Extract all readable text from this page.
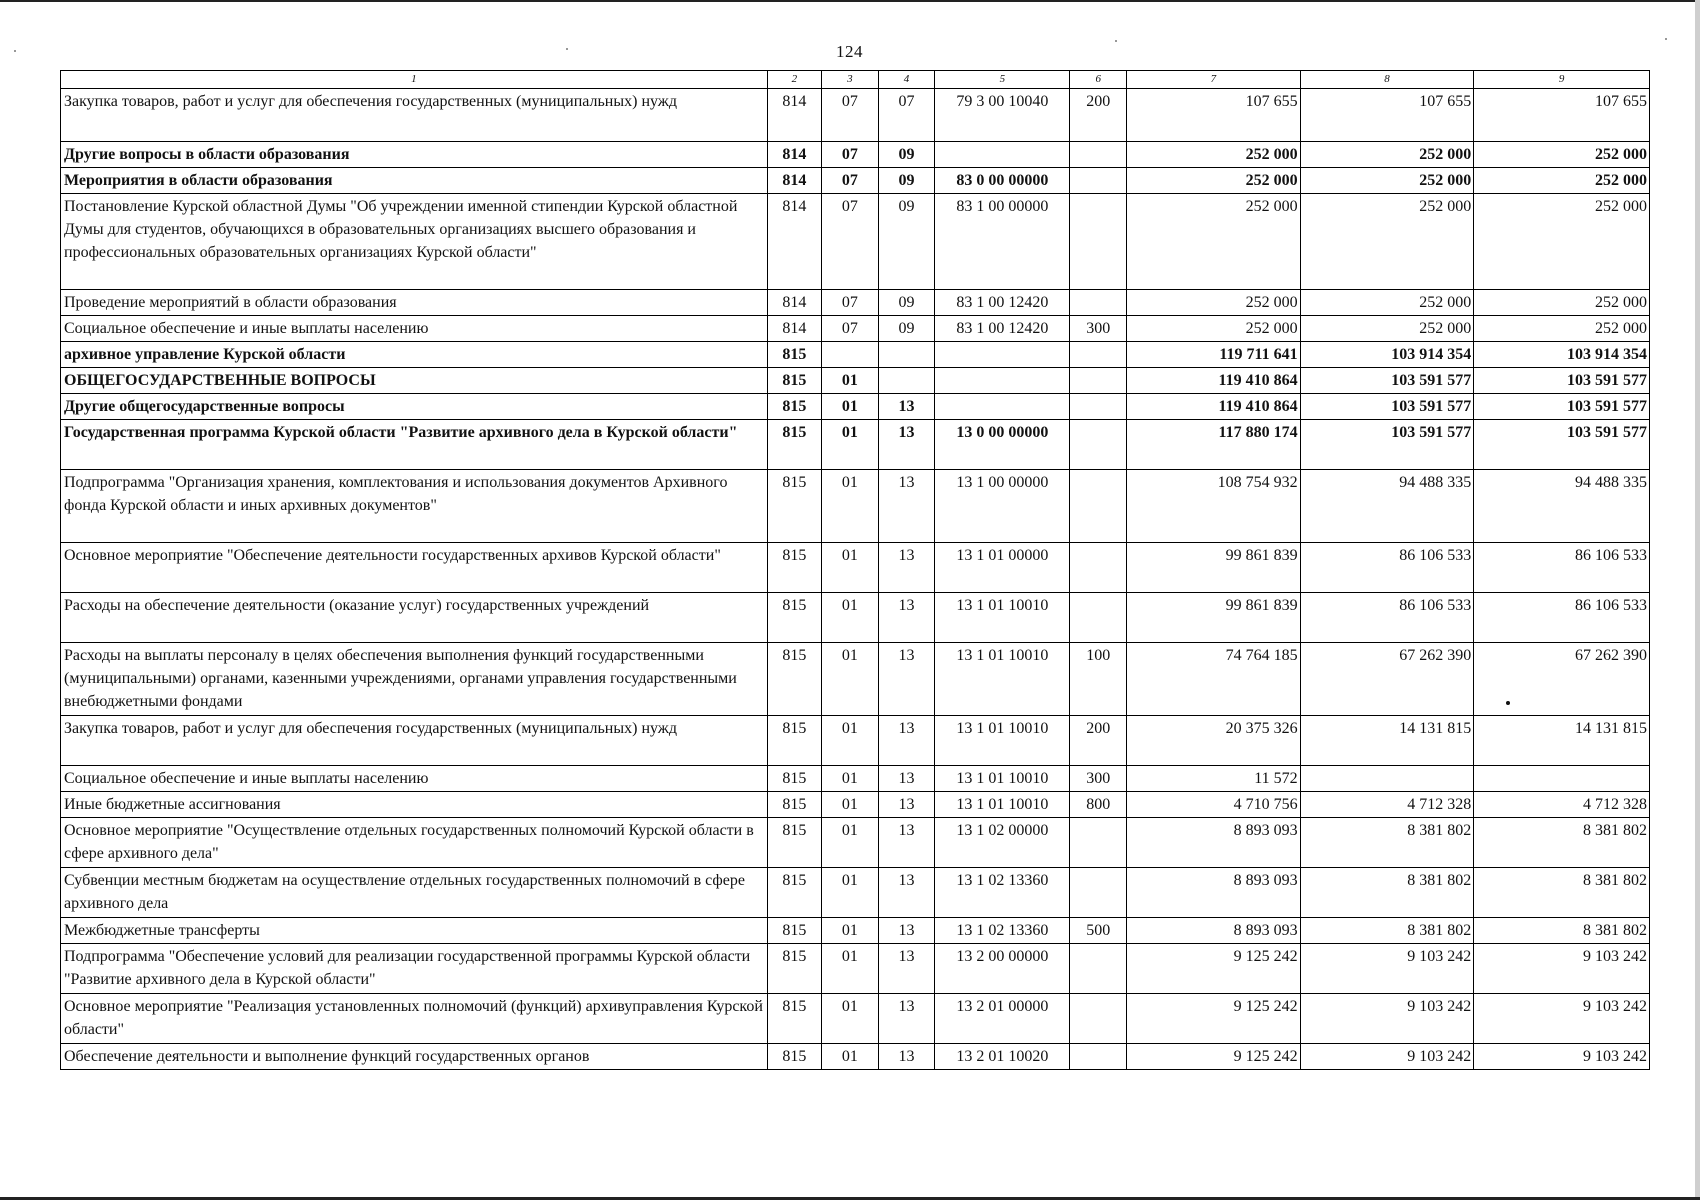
124
1	2	3	4	5	6	7	8	9
Закупка товаров, работ и услуг для обеспечения государственных (муниципальных) нужд	814	07	07	79 3 00 10040	200	107 655	107 655	107 655
Другие вопросы в области образования	814	07	09			252 000	252 000	252 000
Мероприятия в области образования	814	07	09	83 0 00 00000		252 000	252 000	252 000
Постановление Курской областной Думы "Об учреждении именной стипендии Курской областной Думы для студентов, обучающихся в образовательных организациях высшего образования и профессиональных образовательных организациях Курской области"	814	07	09	83 1 00 00000		252 000	252 000	252 000
Проведение мероприятий в области образования	814	07	09	83 1 00 12420		252 000	252 000	252 000
Социальное обеспечение и иные выплаты населению	814	07	09	83 1 00 12420	300	252 000	252 000	252 000
архивное управление Курской области	815					119 711 641	103 914 354	103 914 354
ОБЩЕГОСУДАРСТВЕННЫЕ ВОПРОСЫ	815	01				119 410 864	103 591 577	103 591 577
Другие общегосударственные вопросы	815	01	13			119 410 864	103 591 577	103 591 577
Государственная программа Курской области "Развитие архивного дела в Курской области"	815	01	13	13 0 00 00000		117 880 174	103 591 577	103 591 577
Подпрограмма "Организация хранения, комплектования и использования документов Архивного фонда Курской области и иных архивных документов"	815	01	13	13 1 00 00000		108 754 932	94 488 335	94 488 335
Основное мероприятие "Обеспечение деятельности государственных архивов Курской области"	815	01	13	13 1 01 00000		99 861 839	86 106 533	86 106 533
Расходы на обеспечение деятельности (оказание услуг) государственных учреждений	815	01	13	13 1 01 10010		99 861 839	86 106 533	86 106 533
Расходы на выплаты персоналу в целях обеспечения выполнения функций государственными (муниципальными) органами, казенными учреждениями, органами управления государственными внебюджетными фондами	815	01	13	13 1 01 10010	100	74 764 185	67 262 390	67 262 390
Закупка товаров, работ и услуг для обеспечения государственных (муниципальных) нужд	815	01	13	13 1 01 10010	200	20 375 326	14 131 815	14 131 815
Социальное обеспечение и иные выплаты населению	815	01	13	13 1 01 10010	300	11 572		
Иные бюджетные ассигнования	815	01	13	13 1 01 10010	800	4 710 756	4 712 328	4 712 328
Основное мероприятие "Осуществление отдельных государственных полномочий Курской области в сфере архивного дела"	815	01	13	13 1 02 00000		8 893 093	8 381 802	8 381 802
Субвенции местным бюджетам на осуществление отдельных государственных полномочий в сфере архивного дела	815	01	13	13 1 02 13360		8 893 093	8 381 802	8 381 802
Межбюджетные трансферты	815	01	13	13 1 02 13360	500	8 893 093	8 381 802	8 381 802
Подпрограмма "Обеспечение условий для реализации государственной программы Курской области "Развитие архивного дела в Курской области"	815	01	13	13 2 00 00000		9 125 242	9 103 242	9 103 242
Основное мероприятие "Реализация установленных полномочий (функций) архивуправления Курской области"	815	01	13	13 2 01 00000		9 125 242	9 103 242	9 103 242
Обеспечение деятельности и выполнение функций государственных органов	815	01	13	13 2 01 10020		9 125 242	9 103 242	9 103 242
